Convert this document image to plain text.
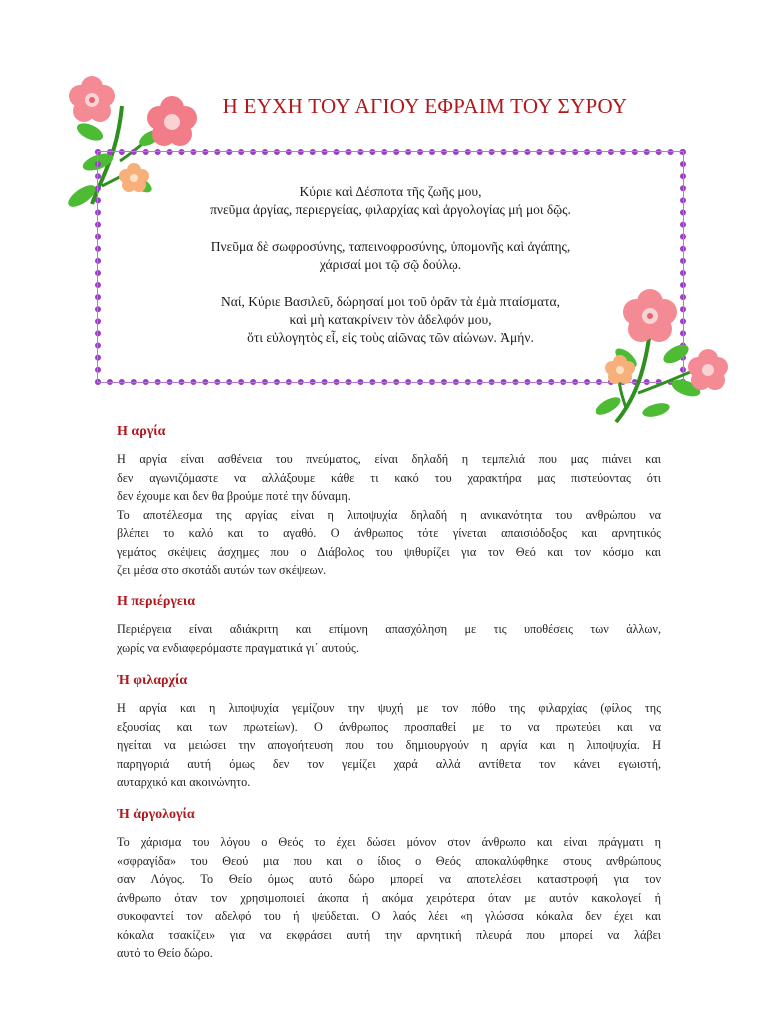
Η ΕΥΧΗ ΤΟΥ ΑΓΙΟΥ ΕΦΡΑΙΜ ΤΟΥ ΣΥΡΟΥ

Κύριε καὶ Δέσποτα τῆς ζωῆς μου,
πνεῦμα ἀργίας, περιεργείας, φιλαρχίας καὶ ἀργολογίας μή μοι δῷς.

Πνεῦμα δὲ σωφροσύνης, ταπεινοφροσύνης, ὑπομονῆς καὶ ἀγάπης,
χάρισαί μοι τῷ σῷ δούλῳ.

Ναί, Κύριε Βασιλεῦ, δώρησαί μοι τοῦ ὁρᾶν τὰ ἐμὰ πταίσματα,
καὶ μὴ κατακρίνειν τὸν ἀδελφόν μου,
ὅτι εὐλογητὸς εἶ, εἰς τοὺς αἰῶνας τῶν αἰώνων. Ἀμήν.

Η αργία
Η αργία είναι ασθένεια του πνεύματος, είναι δηλαδή η τεμπελιά που μας πιάνει και
δεν αγωνιζόμαστε να αλλάξουμε κάθε τι κακό του χαρακτήρα μας πιστεύοντας ότι
δεν έχουμε και δεν θα βρούμε ποτέ την δύναμη.
Το αποτέλεσμα της αργίας είναι η λιποψυχία δηλαδή η ανικανότητα του ανθρώπου να
βλέπει το καλό και το αγαθό. Ο άνθρωπος τότε γίνεται απαισιόδοξος και αρνητικός
γεμάτος σκέψεις άσχημες που ο Διάβολος του ψιθυρίζει για τον Θεό και τον κόσμο και
ζει μέσα στο σκοτάδι αυτών των σκέψεων.
Η περιέργεια
Περιέργεια είναι αδιάκριτη και επίμονη απασχόληση με τις υποθέσεις των άλλων,
χωρίς να ενδιαφερόμαστε πραγματικά γι΄ αυτούς.
Ἡ φιλαρχία
Η αργία και η λιποψυχία γεμίζουν την ψυχή με τον πόθο της φιλαρχίας (φίλος της
εξουσίας και των πρωτείων). Ο άνθρωπος προσπαθεί με το να πρωτεύει και να
ηγείται να μειώσει την απογοήτευση που του δημιουργούν η αργία και η λιποψυχία. Η
παρηγοριά αυτή όμως δεν τον γεμίζει χαρά αλλά αντίθετα τον κάνει εγωιστή,
αυταρχικό και ακοινώνητο.
Ἡ ἀργολογία
Το χάρισμα του λόγου ο Θεός το έχει δώσει μόνον στον άνθρωπο και είναι πράγματι η
«σφραγίδα» του Θεού μια που και ο ίδιος ο Θεός αποκαλύφθηκε στους ανθρώπους
σαν Λόγος. Το Θείο όμως αυτό δώρο μπορεί να αποτελέσει καταστροφή για τον
άνθρωπο όταν τον χρησιμοποιεί άκοπα ή ακόμα χειρότερα όταν με αυτόν κακολογεί ή
συκοφαντεί τον αδελφό του ή ψεύδεται. Ο λαός λέει «η γλώσσα κόκαλα δεν έχει και
κόκαλα τσακίζει» για να εκφράσει αυτή την αρνητική πλευρά που μπορεί να λάβει
αυτό το Θείο δώρο.
